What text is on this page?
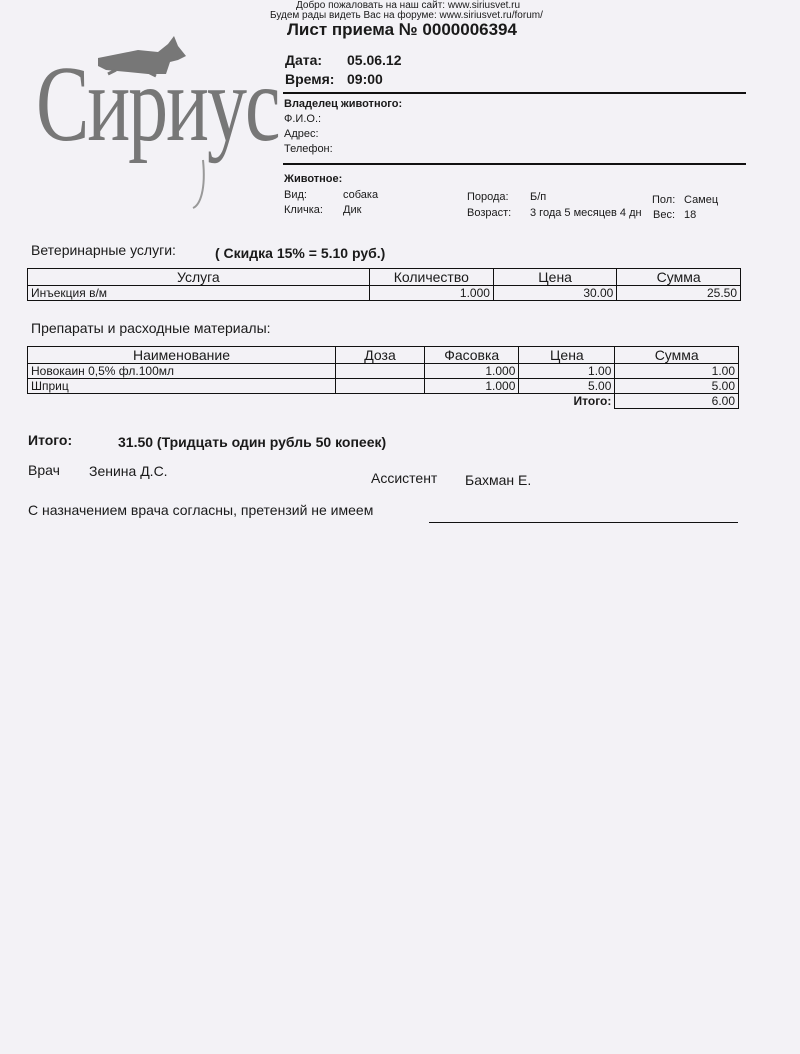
Добро пожаловать на наш сайт: www.siriusvet.ru
Будем рады видеть Вас на форуме: www.siriusvet.ru/forum/
Сириус
Лист приема № 0000006394
Дата: 05.06.12
Время: 09:00
Владелец животного:
Ф.И.О.:
Адрес:
Телефон:
Животное:
Вид:	собака
Кличка: Дик
Порода: Б/п
Возраст: 3 года 5 месяцев 4 дн
Пол: Самец
Вес: 18
Ветеринарные услуги:	( Скидка 15% = 5.10 руб.)
Услуга	Количество	Цена	Сумма
Инъекция в/м	1.000	30.00	25.50
Препараты и расходные материалы:
Наименование	Доза	Фасовка	Цена	Сумма
Новокаин 0,5% фл.100мл		1.000	1.00	1.00
Шприц		1.000	5.00	5.00
			Итого:	6.00
Итого:	31.50 (Тридцать один рубль 50 копеек)
Врач Зенина Д.С.	Ассистент Бахман Е.
С назначением врача согласны, претензий не имеем
